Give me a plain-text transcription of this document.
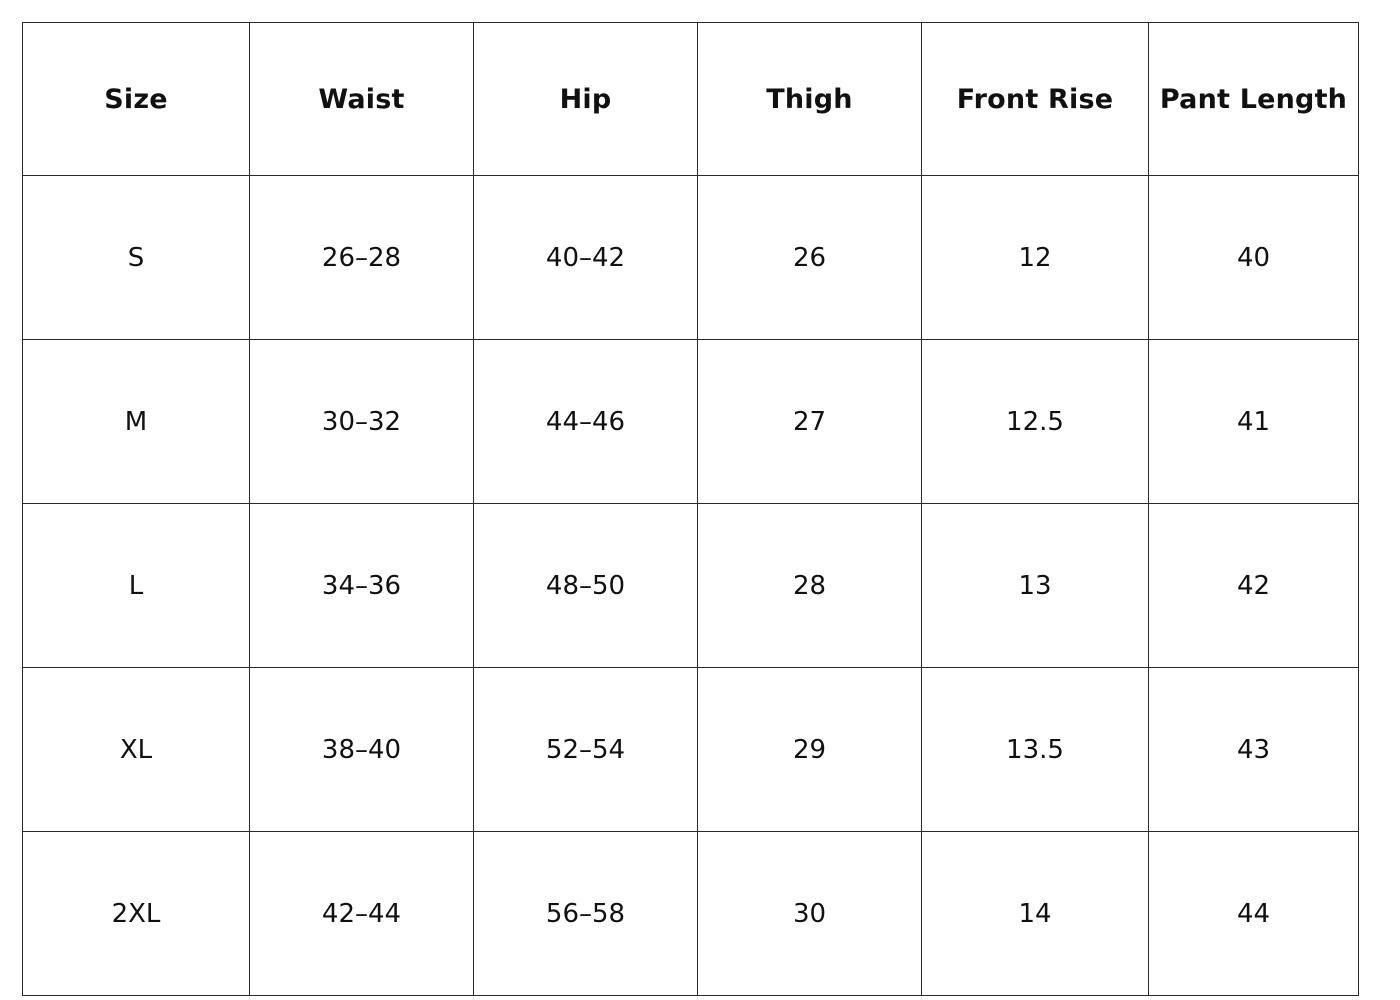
Size	Waist	Hip	Thigh	Front Rise	Pant Length
S	26–28	40–42	26	12	40
M	30–32	44–46	27	12.5	41
L	34–36	48–50	28	13	42
XL	38–40	52–54	29	13.5	43
2XL	42–44	56–58	30	14	44
